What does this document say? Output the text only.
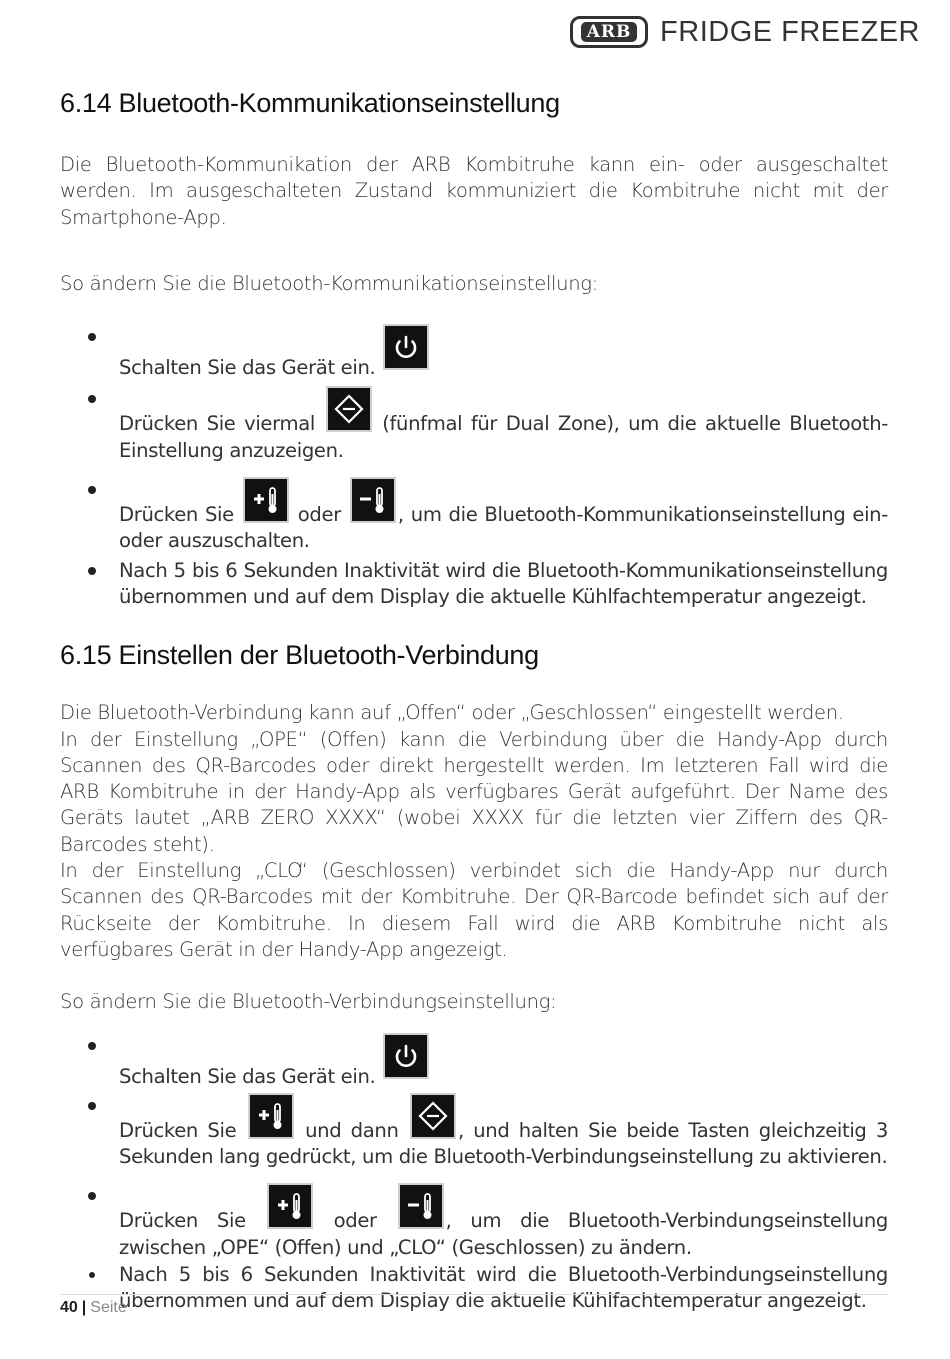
ARB FRIDGE FREEZER
6.14 Bluetooth-Kommunikationseinstellung

Die Bluetooth-Kommunikation der ARB Kombitruhe kann ein- oder ausgeschaltet werden. Im ausgeschalteten Zustand kommuniziert die Kombitruhe nicht mit der Smartphone-App.

So ändern Sie die Bluetooth-Kommunikationseinstellung:

Schalten Sie das Gerät ein.
Drücken Sie viermal	(fünfmal für Dual Zone), um die aktuelle Bluetooth-Einstellung anzuzeigen.
Drücken Sie	oder	, um die Bluetooth-Kommunikationseinstellung ein- oder auszuschalten.
Nach 5 bis 6 Sekunden Inaktivität wird die Bluetooth-Kommunikationseinstellung übernommen und auf dem Display die aktuelle Kühlfachtemperatur angezeigt.
6.15 Einstellen der Bluetooth-Verbindung

Die Bluetooth-Verbindung kann auf „Offen“ oder „Geschlossen“ eingestellt werden.

In der Einstellung „OPE“ (Offen) kann die Verbindung über die Handy-App durch Scannen des QR-Barcodes oder direkt hergestellt werden. Im letzteren Fall wird die ARB Kombitruhe in der Handy-App als verfügbares Gerät aufgeführt. Der Name des Geräts lautet „ARB ZERO XXXX“ (wobei XXXX für die letzten vier Ziffern des QR-Barcodes steht).

In der Einstellung „CLO“ (Geschlossen) verbindet sich die Handy-App nur durch Scannen des QR-Barcodes mit der Kombitruhe. Der QR-Barcode befindet sich auf der Rückseite der Kombitruhe. In diesem Fall wird die ARB Kombitruhe nicht als verfügbares Gerät in der Handy-App angezeigt.

So ändern Sie die Bluetooth-Verbindungseinstellung:

Schalten Sie das Gerät ein.
Drücken Sie	und dann	, und halten Sie beide Tasten gleichzeitig 3 Sekunden lang gedrückt, um die Bluetooth-Verbindungseinstellung zu aktivieren.
Drücken Sie	oder	, um die Bluetooth-Verbindungseinstellung zwischen „OPE“ (Offen) und „CLO“ (Geschlossen) zu ändern.
Nach 5 bis 6 Sekunden Inaktivität wird die Bluetooth-Verbindungseinstellung übernommen und auf dem Display die aktuelle Kühlfachtemperatur angezeigt.
40 | Seite
